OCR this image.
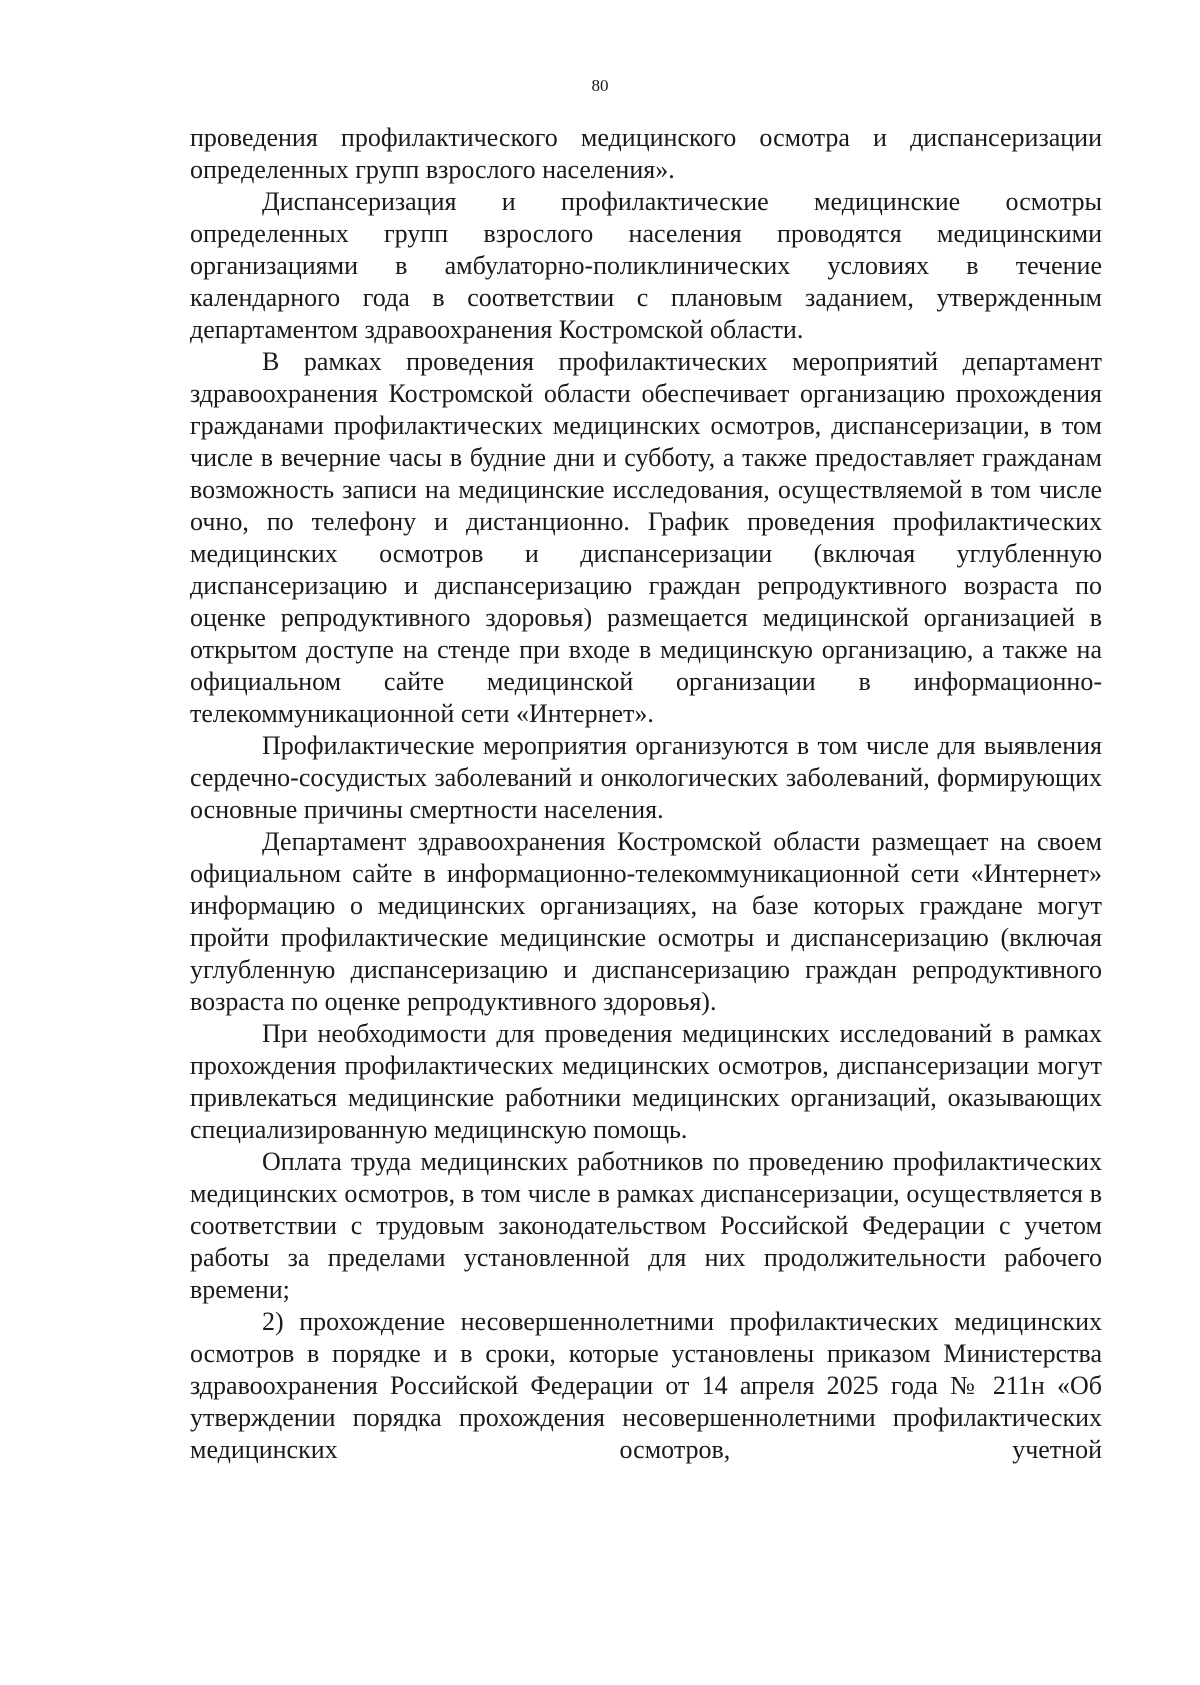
80

проведения профилактического медицинского осмотра и диспансеризации определенных групп взрослого населения».

Диспансеризация и профилактические медицинские осмотры определенных групп взрослого населения проводятся медицинскими организациями в амбулаторно-поликлинических условиях в течение календарного года в соответствии с плановым заданием, утвержденным департаментом здравоохранения Костромской области.

В рамках проведения профилактических мероприятий департамент здравоохранения Костромской области обеспечивает организацию прохождения гражданами профилактических медицинских осмотров, диспансеризации, в том числе в вечерние часы в будние дни и субботу, а также предоставляет гражданам возможность записи на медицинские исследования, осуществляемой в том числе очно, по телефону и дистанционно. График проведения профилактических медицинских осмотров и диспансеризации (включая углубленную диспансеризацию и диспансеризацию граждан репродуктивного возраста по оценке репродуктивного здоровья) размещается медицинской организацией в открытом доступе на стенде при входе в медицинскую организацию, а также на официальном сайте медицинской организации в информационно-телекоммуникационной сети «Интернет».

Профилактические мероприятия организуются в том числе для выявления сердечно-сосудистых заболеваний и онкологических заболеваний, формирующих основные причины смертности населения.

Департамент здравоохранения Костромской области размещает на своем официальном сайте в информационно-телекоммуникационной сети «Интернет» информацию о медицинских организациях, на базе которых граждане могут пройти профилактические медицинские осмотры и диспансеризацию (включая углубленную диспансеризацию и диспансеризацию граждан репродуктивного возраста по оценке репродуктивного здоровья).

При необходимости для проведения медицинских исследований в рамках прохождения профилактических медицинских осмотров, диспансеризации могут привлекаться медицинские работники медицинских организаций, оказывающих специализированную медицинскую помощь.

Оплата труда медицинских работников по проведению профилактических медицинских осмотров, в том числе в рамках диспансеризации, осуществляется в соответствии с трудовым законодательством Российской Федерации с учетом работы за пределами установленной для них продолжительности рабочего времени;

2) прохождение несовершеннолетними профилактических медицинских осмотров в порядке и в сроки, которые установлены приказом Министерства здравоохранения Российской Федерации от 14 апреля 2025 года № 211н «Об утверждении порядка прохождения несовершеннолетними профилактических медицинских осмотров, учетной
